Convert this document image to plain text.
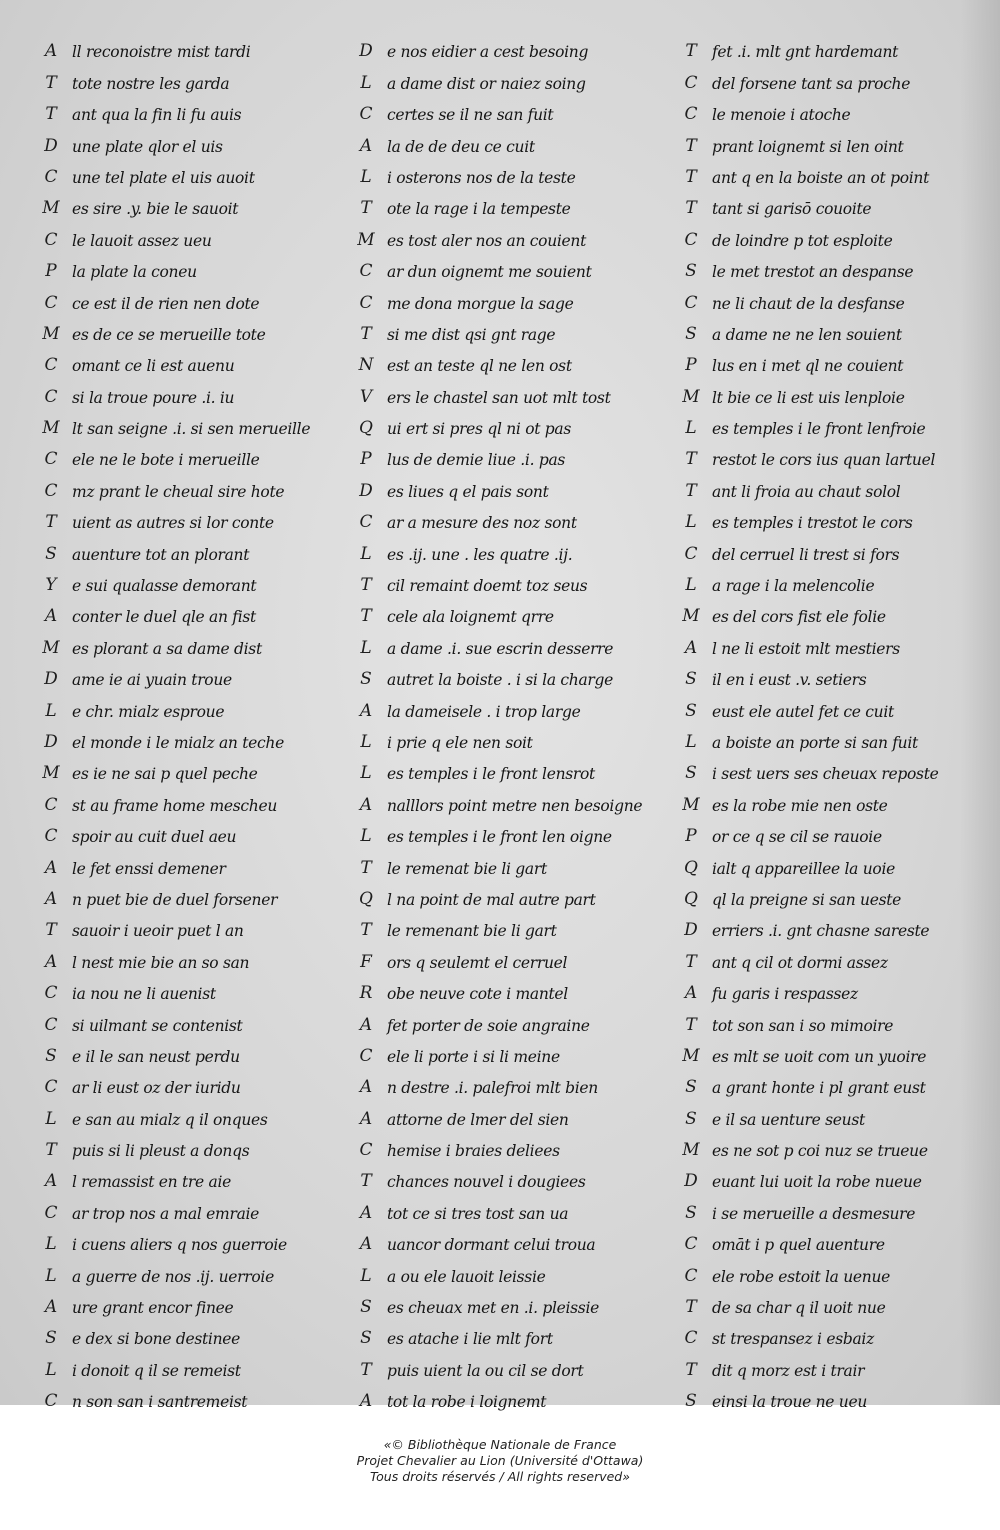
A ll reconoistre mist tardi
T tote nostre les garda
T ant qua la fin li fu auis
D une plate qlor el uis
C une tel plate el uis auoit
M es sire .y. bie le sauoit
C le lauoit assez ueu
P la plate la coneu
C ce est il de rien nen dote
M es de ce se merueille tote
C omant ce li est auenu
C si la troue poure .i. iu
M lt san seigne .i. si sen merueille
C ele ne le bote i merueille
C mz prant le cheual sire hote
T uient as autres si lor conte
S auenture tot an plorant
Y e sui qualasse demorant
A conter le duel qle an fist
M es plorant a sa dame dist
D ame ie ai yuain troue
L e chr. mialz esproue
D el monde i le mialz an teche
M es ie ne sai p quel peche
C st au frame home mescheu
C spoir au cuit duel aeu
A le fet enssi demener
A n puet bie de duel forsener
T sauoir i ueoir puet l an
A l nest mie bie an so san
C ia nou ne li auenist
C si uilmant se contenist
S e il le san neust perdu
C ar li eust oz der iuridu
L e san au mialz q il onques
T puis si li pleust a donqs
A l remassist en tre aie
C ar trop nos a mal emraie
L i cuens aliers q nos guerroie
L a guerre de nos .ij. uerroie
A ure grant encor finee
S e dex si bone destinee
L i donoit q il se remeist
C n son san i santremeist
D e nos eidier a cest besoing
L a dame dist or naiez soing
C certes se il ne san fuit
A la de de deu ce cuit
L i osterons nos de la teste
T ote la rage i la tempeste
M es tost aler nos an couient
C ar dun oignemt me souient
C me dona morgue la sage
T si me dist qsi gnt rage
N est an teste ql ne len ost
V ers le chastel san uot mlt tost
Q ui ert si pres ql ni ot pas
P lus de demie liue .i. pas
D es liues q el pais sont
C ar a mesure des noz sont
L es .ij. une . les quatre .ij.
T cil remaint doemt toz seus
T cele ala loignemt qrre
L a dame .i. sue escrin desserre
S autret la boiste . i si la charge
A la dameisele . i trop large
L i prie q ele nen soit
L es temples i le front lensrot
A nalllors point metre nen besoigne
L es temples i le front len oigne
T le remenat bie li gart
Q l na point de mal autre part
T le remenant bie li gart
F ors q seulemt el cerruel
R obe neuve cote i mantel
A fet porter de soie angraine
C ele li porte i si li meine
A n destre .i. palefroi mlt bien
A attorne de lmer del sien
C hemise i braies deliees
T chances nouvel i dougiees
A tot ce si tres tost san ua
A uancor dormant celui troua
L a ou ele lauoit leissie
S es cheuax met en .i. pleissie
S es atache i lie mlt fort
T puis uient la ou cil se dort
A tot la robe i loignemt
T fet .i. mlt gnt hardemant
C del forsene tant sa proche
C le menoie i atoche
T prant loignemt si len oint
T ant q en la boiste an ot point
T tant si garisō couoite
C de loindre p tot esploite
S le met trestot an despanse
C ne li chaut de la desfanse
S a dame ne ne len souient
P lus en i met ql ne couient
M lt bie ce li est uis lenploie
L es temples i le front lenfroie
T restot le cors ius quan lartuel
T ant li froia au chaut solol
L es temples i trestot le cors
C del cerruel li trest si fors
L a rage i la melencolie
M es del cors fist ele folie
A l ne li estoit mlt mestiers
S il en i eust .v. setiers
S eust ele autel fet ce cuit
L a boiste an porte si san fuit
S i sest uers ses cheuax reposte
M es la robe mie nen oste
P or ce q se cil se rauoie
Q ialt q appareillee la uoie
Q ql la preigne si san ueste
D erriers .i. gnt chasne sareste
T ant q cil ot dormi assez
A fu garis i respassez
T tot son san i so mimoire
M es mlt se uoit com un yuoire
S a grant honte i pl grant eust
S e il sa uenture seust
M es ne sot p coi nuz se trueue
D euant lui uoit la robe nueue
S i se merueille a desmesure
C omāt i p quel auenture
C ele robe estoit la uenue
T de sa char q il uoit nue
C st trespansez i esbaiz
T dit q morz est i trair
S einsi la troue ne ueu
«© Bibliothèque Nationale de France
Projet Chevalier au Lion (Université d'Ottawa)
Tous droits réservés / All rights reserved»
